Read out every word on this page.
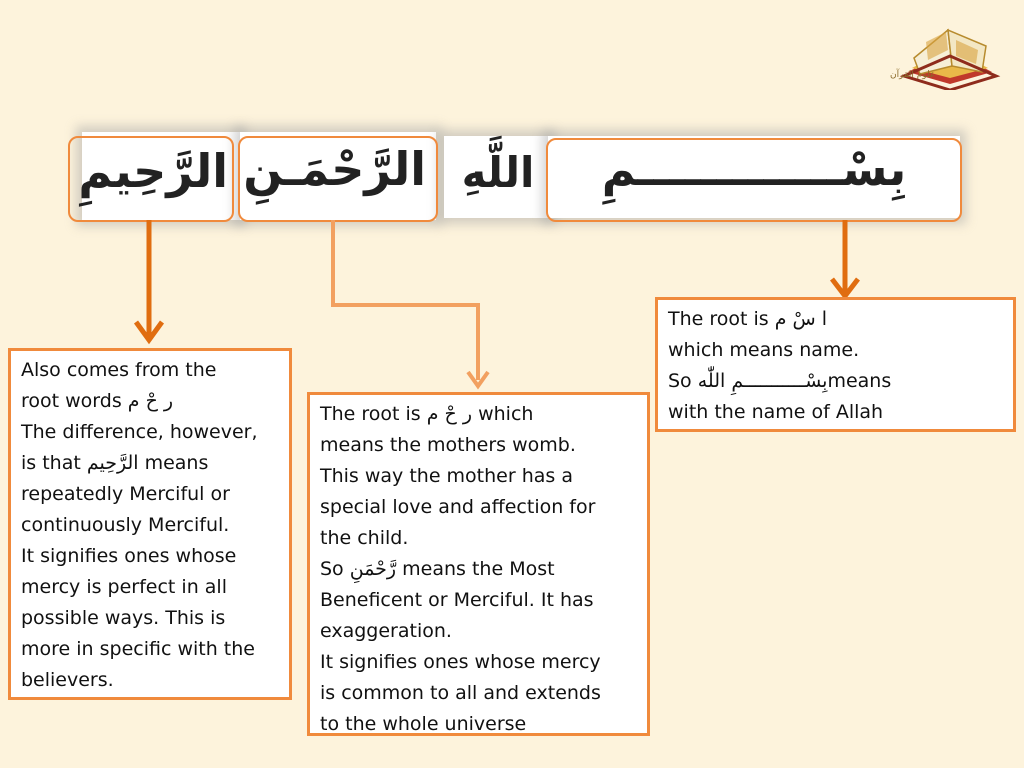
علوم القرآن
الرَّحِيمِ الرَّحْمَـنِ اللَّهِ	بِسْـــــــــــــمِ

The root is ا سْ م

which means name.

So بِسْـــــــــــمِ اللّٰهmeans

with the name of Allah

The root is ر حْ م which

means the mothers womb.

This way the mother has a

special love and affection for

the child.

So رَّحْمَنِ means the Most

Beneficent or Merciful. It has

exaggeration.

It signifies ones whose mercy

is common to all and extends

to the whole universe

Also comes from the

root words ر حْ م

The difference, however,

is that الرَّحِيم means

repeatedly Merciful or

continuously Merciful.

It signifies ones whose

mercy is perfect in all

possible ways. This is

more in specific with the

believers.
